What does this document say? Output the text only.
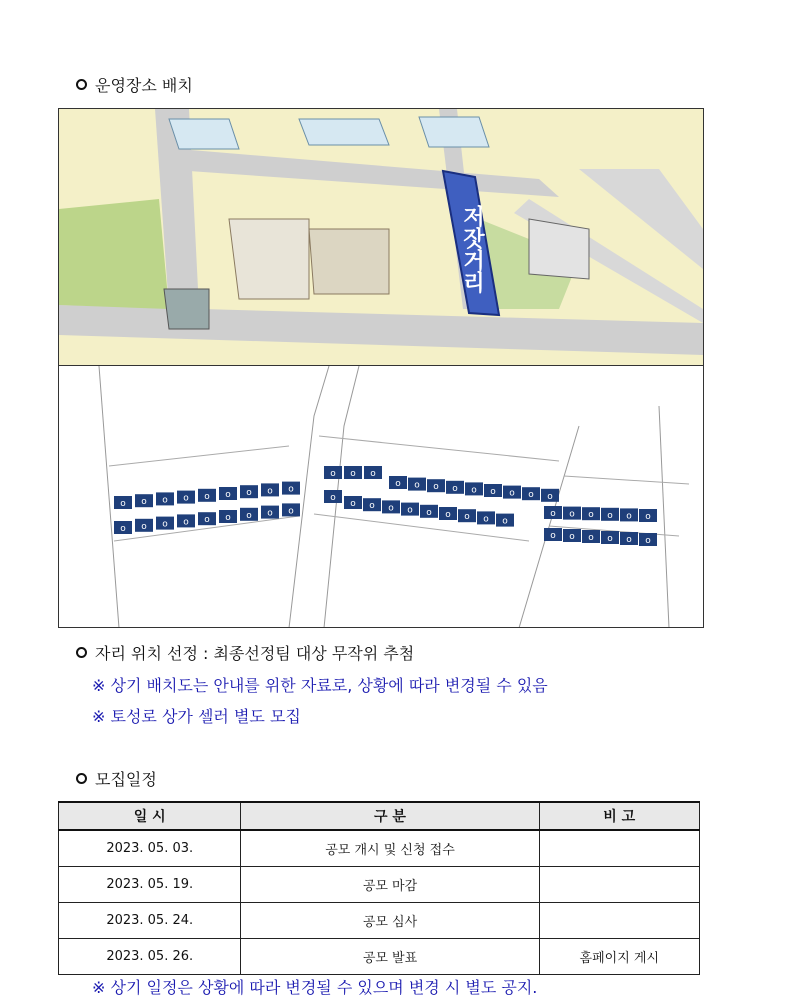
운영장소 배치
저잣거리
o o o o o o o o o
o o o o o o o o o
o o o
o o o o o o o o o
o
o o o o o o o o o
o o o o o o
o o o o o o
자리 위치 선정 : 최종선정팀 대상 무작위 추첨
※ 상기 배치도는 안내를 위한 자료로, 상황에 따라 변경될 수 있음
※ 토성로 상가 셀러 별도 모집
모집일정
일 시	구 분	비 고
2023. 05. 03.	공모 개시 및 신청 접수	
2023. 05. 19.	공모 마감	
2023. 05. 24.	공모 심사	
2023. 05. 26.	공모 발표	홈페이지 게시
※ 상기 일정은 상황에 따라 변경될 수 있으며 변경 시 별도 공지.
